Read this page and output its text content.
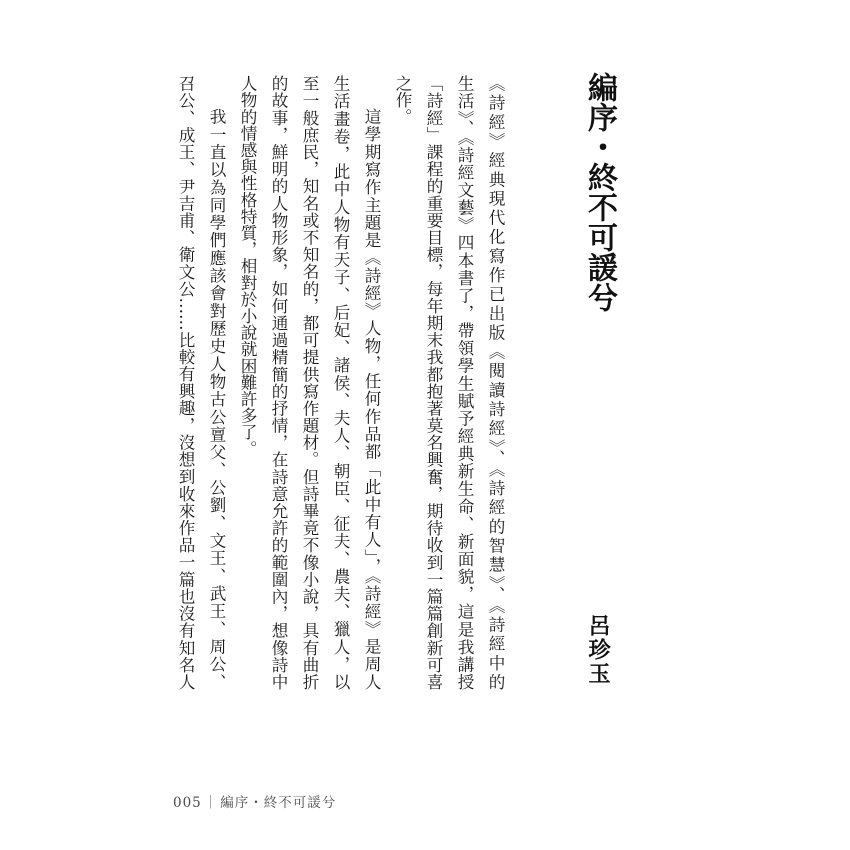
編序・終不可諼兮
呂珍玉
《詩經》經典現代化寫作已出版《閱讀詩經》、《詩經的智慧》、《詩經中的
生活》、《詩經文藝》四本書了，帶領學生賦予經典新生命、新面貌，這是我講授
「詩經」課程的重要目標，每年期末我都抱著莫名興奮，期待收到一篇篇創新可喜
之作。
這學期寫作主題是《詩經》人物，任何作品都「此中有人」，《詩經》是周人
生活畫卷，此中人物有天子、后妃、諸侯、夫人、朝臣、征夫、農夫、獵人，以
至一般庶民，知名或不知名的，都可提供寫作題材。但詩畢竟不像小說，具有曲折
的故事，鮮明的人物形象，如何通過精簡的抒情，在詩意允許的範圍內，想像詩中
人物的情感與性格特質，相對於小說就困難許多了。
我一直以為同學們應該會對歷史人物古公亶父、公劉、文王、武王、周公、
召公、成王、尹吉甫、衛文公……比較有興趣，沒想到收來作品一篇也沒有知名人
005 ｜ 編序・終不可諼兮
